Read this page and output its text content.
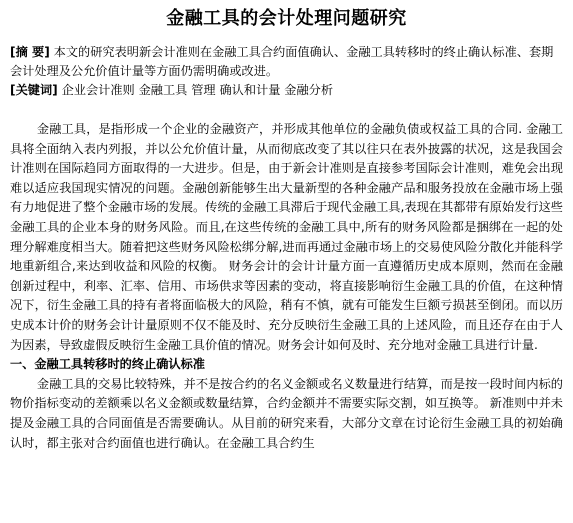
金融工具的会计处理问题研究

[摘 要] 本文的研究表明新会计准则在金融工具合约面值确认、金融工具转移时的终止确认标准、套期会计处理及公允价值计量等方面仍需明确或改进。

[关键词] 企业会计准则 金融工具 管理 确认和计量 金融分析

金融工具，是指形成一个企业的金融资产，并形成其他单位的金融负债或权益工具的合同. 金融工具将全面纳入表内列报，并以公允价值计量，从而彻底改变了其以往只在表外披露的状况，这是我国会计准则在国际趋同方面取得的一大进步。但是，由于新会计准则是直接参考国际会计准则，难免会出现难以适应我国现实情况的问题。金融创新能够生出大量新型的各种金融产品和服务投放在金融市场上强有力地促进了整个金融市场的发展。传统的金融工具滞后于现代金融工具,表现在其都带有原始发行这些金融工具的企业本身的财务风险。而且,在这些传统的金融工具中,所有的财务风险都是捆绑在一起的处理分解难度相当大。随着把这些财务风险松绑分解,进而再通过金融市场上的交易使风险分散化并能科学地重新组合,来达到收益和风险的权衡。 财务会计的会计计量方面一直遵循历史成本原则，然而在金融创新过程中，利率、汇率、信用、市场供求等因素的变动，将直接影响衍生金融工具的价值，在这种情况下，衍生金融工具的持有者将面临极大的风险，稍有不慎，就有可能发生巨额亏损甚至倒闭。而以历史成本计价的财务会计计量原则不仅不能及时、充分反映衍生金融工具的上述风险，而且还存在由于人为因素，导致虚假反映衍生金融工具价值的情况。财务会计如何及时、充分地对金融工具进行计量.

一、金融工具转移时的终止确认标准

金融工具的交易比较特殊，并不是按合约的名义金额或名义数量进行结算，而是按一段时间内标的物价指标变动的差额乘以名义金额或数量结算，合约金额并不需要实际交割，如互换等。 新准则中并未提及金融工具的合同面值是否需要确认。从目前的研究来看，大部分文章在讨论衍生金融工具的初始确认时，都主张对合约面值也进行确认。在金融工具合约生
